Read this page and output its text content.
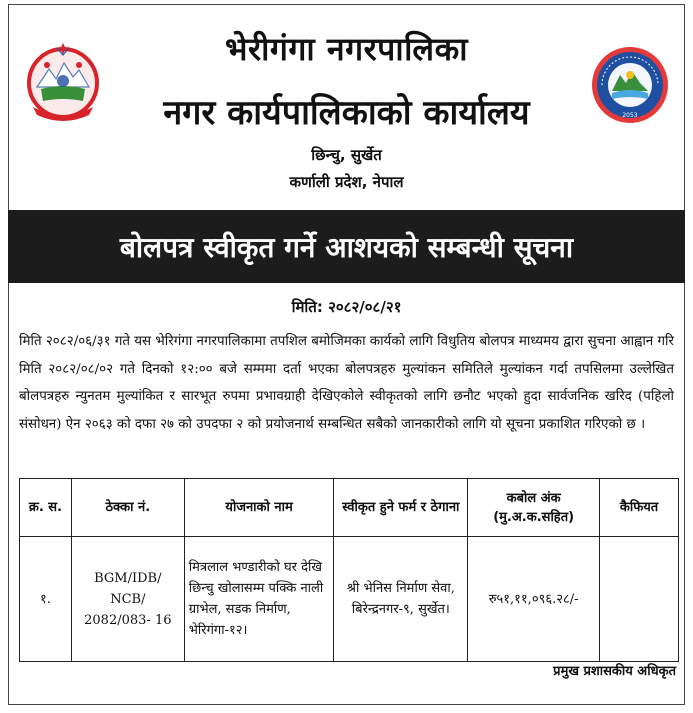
2053
भेरीगंगा नगरपालिका
नगर कार्यपालिकाको कार्यालय
छिन्चु, सुर्खेत
कर्णाली प्रदेश, नेपाल
बोलपत्र स्वीकृत गर्ने आशयको सम्बन्धी सूचना
मिति: २०८२/०८/२१
मिति २०८२/०६/३१ गते यस भेरिगंगा नगरपालिकामा तपशिल बमोजिमका कार्यको लागि विधुतिय बोलपत्र माध्यमय द्वारा सुचना आह्वान गरि मिति २०८२/०८/०२ गते दिनको १२:०० बजे सम्ममा दर्ता भएका बोलपत्रहरु मुल्यांकन समितिले मुल्यांकन गर्दा तपसिलमा उल्लेखित बोलपत्रहरु न्युनतम मुल्यांकित र सारभूत रुपमा प्रभावग्राही देखिएकोले स्वीकृतको लागि छनौट भएको हुदा सार्वजनिक खरिद (पहिलो संसोधन) ऐन २०६३ को दफा २७ को उपदफा २ को प्रयोजनार्थ सम्बन्धित सबैको जानकारीको लागि यो सूचना प्रकाशित गरिएको छ ।
क्र. स.	ठेक्का नं.	योजनाको नाम	स्वीकृत हुने फर्म र ठेगाना	कबोल अंक (मु.अ.क.सहित)	कैफियत
१.	BGM/IDB/ NCB/ 2082/083- 16	मित्रलाल भण्डारीको घर देखि छिन्चु खोलासम्म पक्कि नाली ग्राभेल, सडक निर्माण, भेरिगंगा-१२।	श्री भेनिस निर्माण सेवा, बिरेन्द्रनगर-९, सुर्खेत।	रु५१,११,०९६.२८/-	
प्रमुख प्रशासकीय अधिकृत
